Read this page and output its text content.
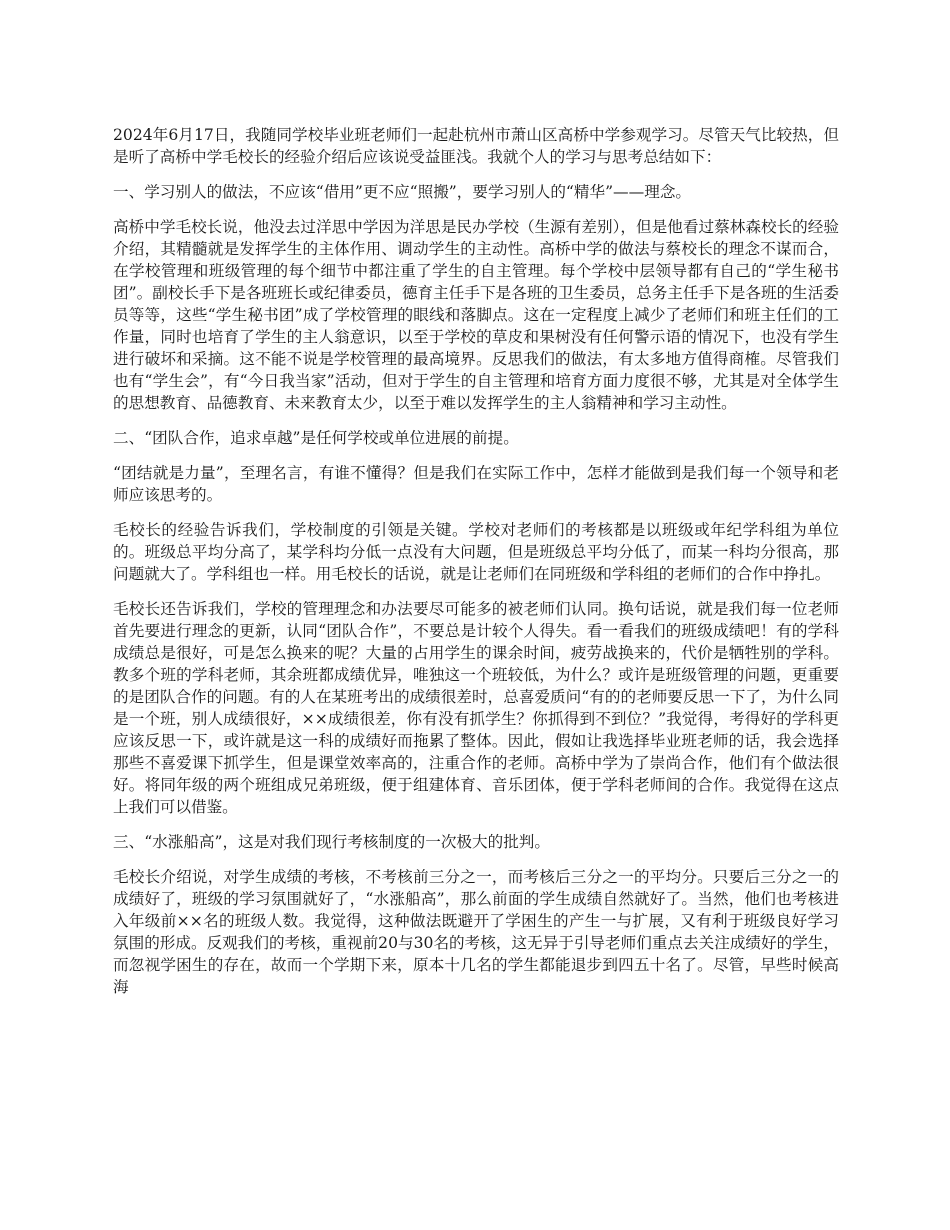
2024年6月17日，我随同学校毕业班老师们一起赴杭州市萧山区高桥中学参观学习。尽管天气比较热，但是听了高桥中学毛校长的经验介绍后应该说受益匪浅。我就个人的学习与思考总结如下：

一、学习别人的做法，不应该“借用”更不应“照搬”，要学习别人的“精华”——理念。

高桥中学毛校长说，他没去过洋思中学因为洋思是民办学校（生源有差别），但是他看过蔡林森校长的经验介绍，其精髓就是发挥学生的主体作用、调动学生的主动性。高桥中学的做法与蔡校长的理念不谋而合，在学校管理和班级管理的每个细节中都注重了学生的自主管理。每个学校中层领导都有自己的“学生秘书团”。副校长手下是各班班长或纪律委员，德育主任手下是各班的卫生委员，总务主任手下是各班的生活委员等等，这些“学生秘书团”成了学校管理的眼线和落脚点。这在一定程度上减少了老师们和班主任们的工作量，同时也培育了学生的主人翁意识，以至于学校的草皮和果树没有任何警示语的情况下，也没有学生进行破坏和采摘。这不能不说是学校管理的最高境界。反思我们的做法，有太多地方值得商榷。尽管我们也有“学生会”，有“今日我当家”活动，但对于学生的自主管理和培育方面力度很不够，尤其是对全体学生的思想教育、品德教育、未来教育太少，以至于难以发挥学生的主人翁精神和学习主动性。

二、“团队合作，追求卓越”是任何学校或单位进展的前提。

“团结就是力量”，至理名言，有谁不懂得？但是我们在实际工作中，怎样才能做到是我们每一个领导和老师应该思考的。

毛校长的经验告诉我们，学校制度的引领是关键。学校对老师们的考核都是以班级或年纪学科组为单位的。班级总平均分高了，某学科均分低一点没有大问题，但是班级总平均分低了，而某一科均分很高，那问题就大了。学科组也一样。用毛校长的话说，就是让老师们在同班级和学科组的老师们的合作中挣扎。

毛校长还告诉我们，学校的管理理念和办法要尽可能多的被老师们认同。换句话说，就是我们每一位老师首先要进行理念的更新，认同“团队合作”，不要总是计较个人得失。看一看我们的班级成绩吧！有的学科成绩总是很好，可是怎么换来的呢？大量的占用学生的课余时间，疲劳战换来的，代价是牺牲别的学科。教多个班的学科老师，其余班都成绩优异，唯独这一个班较低，为什么？或许是班级管理的问题，更重要的是团队合作的问题。有的人在某班考出的成绩很差时，总喜爱质问“有的的老师要反思一下了，为什么同是一个班，别人成绩很好，××成绩很差，你有没有抓学生？你抓得到不到位？”我觉得，考得好的学科更应该反思一下，或许就是这一科的成绩好而拖累了整体。因此，假如让我选择毕业班老师的话，我会选择那些不喜爱课下抓学生，但是课堂效率高的，注重合作的老师。高桥中学为了崇尚合作，他们有个做法很好。将同年级的两个班组成兄弟班级，便于组建体育、音乐团体，便于学科老师间的合作。我觉得在这点上我们可以借鉴。

三、“水涨船高”，这是对我们现行考核制度的一次极大的批判。

毛校长介绍说，对学生成绩的考核，不考核前三分之一，而考核后三分之一的平均分。只要后三分之一的成绩好了，班级的学习氛围就好了，“水涨船高”，那么前面的学生成绩自然就好了。当然，他们也考核进入年级前××名的班级人数。我觉得，这种做法既避开了学困生的产生一与扩展，又有利于班级良好学习氛围的形成。反观我们的考核，重视前20与30名的考核，这无异于引导老师们重点去关注成绩好的学生，而忽视学困生的存在，故而一个学期下来，原本十几名的学生都能退步到四五十名了。尽管，早些时候高海
